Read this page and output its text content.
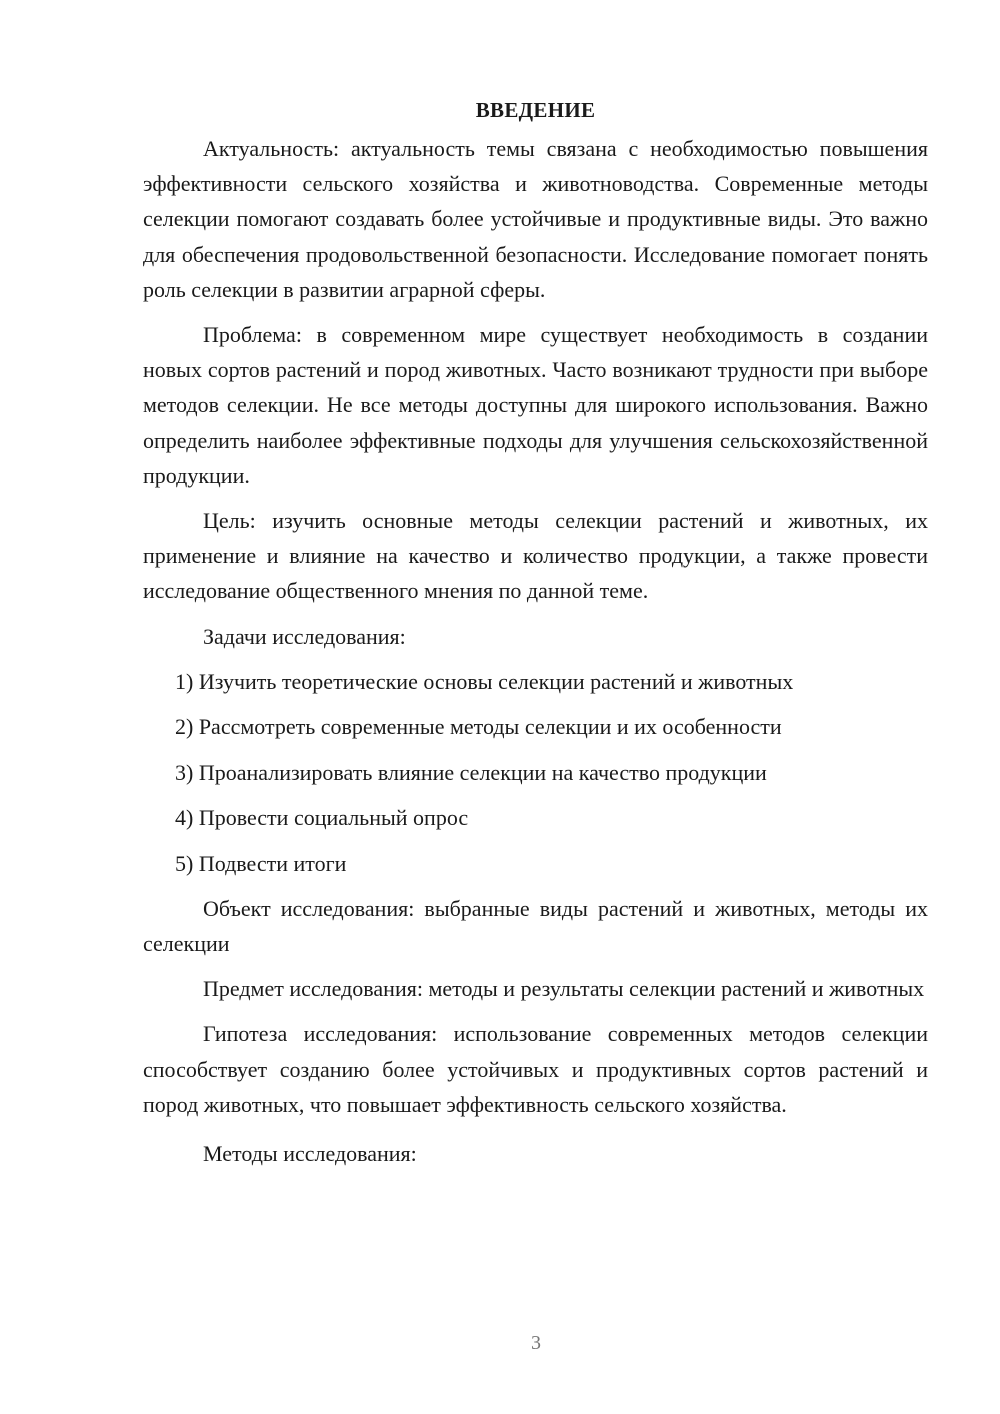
ВВЕДЕНИЕ

Актуальность: актуальность темы связана с необходимостью повышения эффективности сельского хозяйства и животноводства. Современные методы селекции помогают создавать более устойчивые и продуктивные виды. Это важно для обеспечения продовольственной безопасности. Исследование помогает понять роль селекции в развитии аграрной сферы.

Проблема: в современном мире существует необходимость в создании новых сортов растений и пород животных. Часто возникают трудности при выборе методов селекции. Не все методы доступны для широкого использования. Важно определить наиболее эффективные подходы для улучшения сельскохозяйственной продукции.

Цель: изучить основные методы селекции растений и животных, их применение и влияние на качество и количество продукции, а также провести исследование общественного мнения по данной теме.

Задачи исследования:

1) Изучить теоретические основы селекции растений и животных
2) Рассмотреть современные методы селекции и их особенности
3) Проанализировать влияние селекции на качество продукции
4) Провести социальный опрос
5) Подвести итоги

Объект исследования: выбранные виды растений и животных, методы их селекции

Предмет исследования: методы и результаты селекции растений и животных

Гипотеза исследования: использование современных методов селекции способствует созданию более устойчивых и продуктивных сортов растений и пород животных, что повышает эффективность сельского хозяйства.

Методы исследования:

3
